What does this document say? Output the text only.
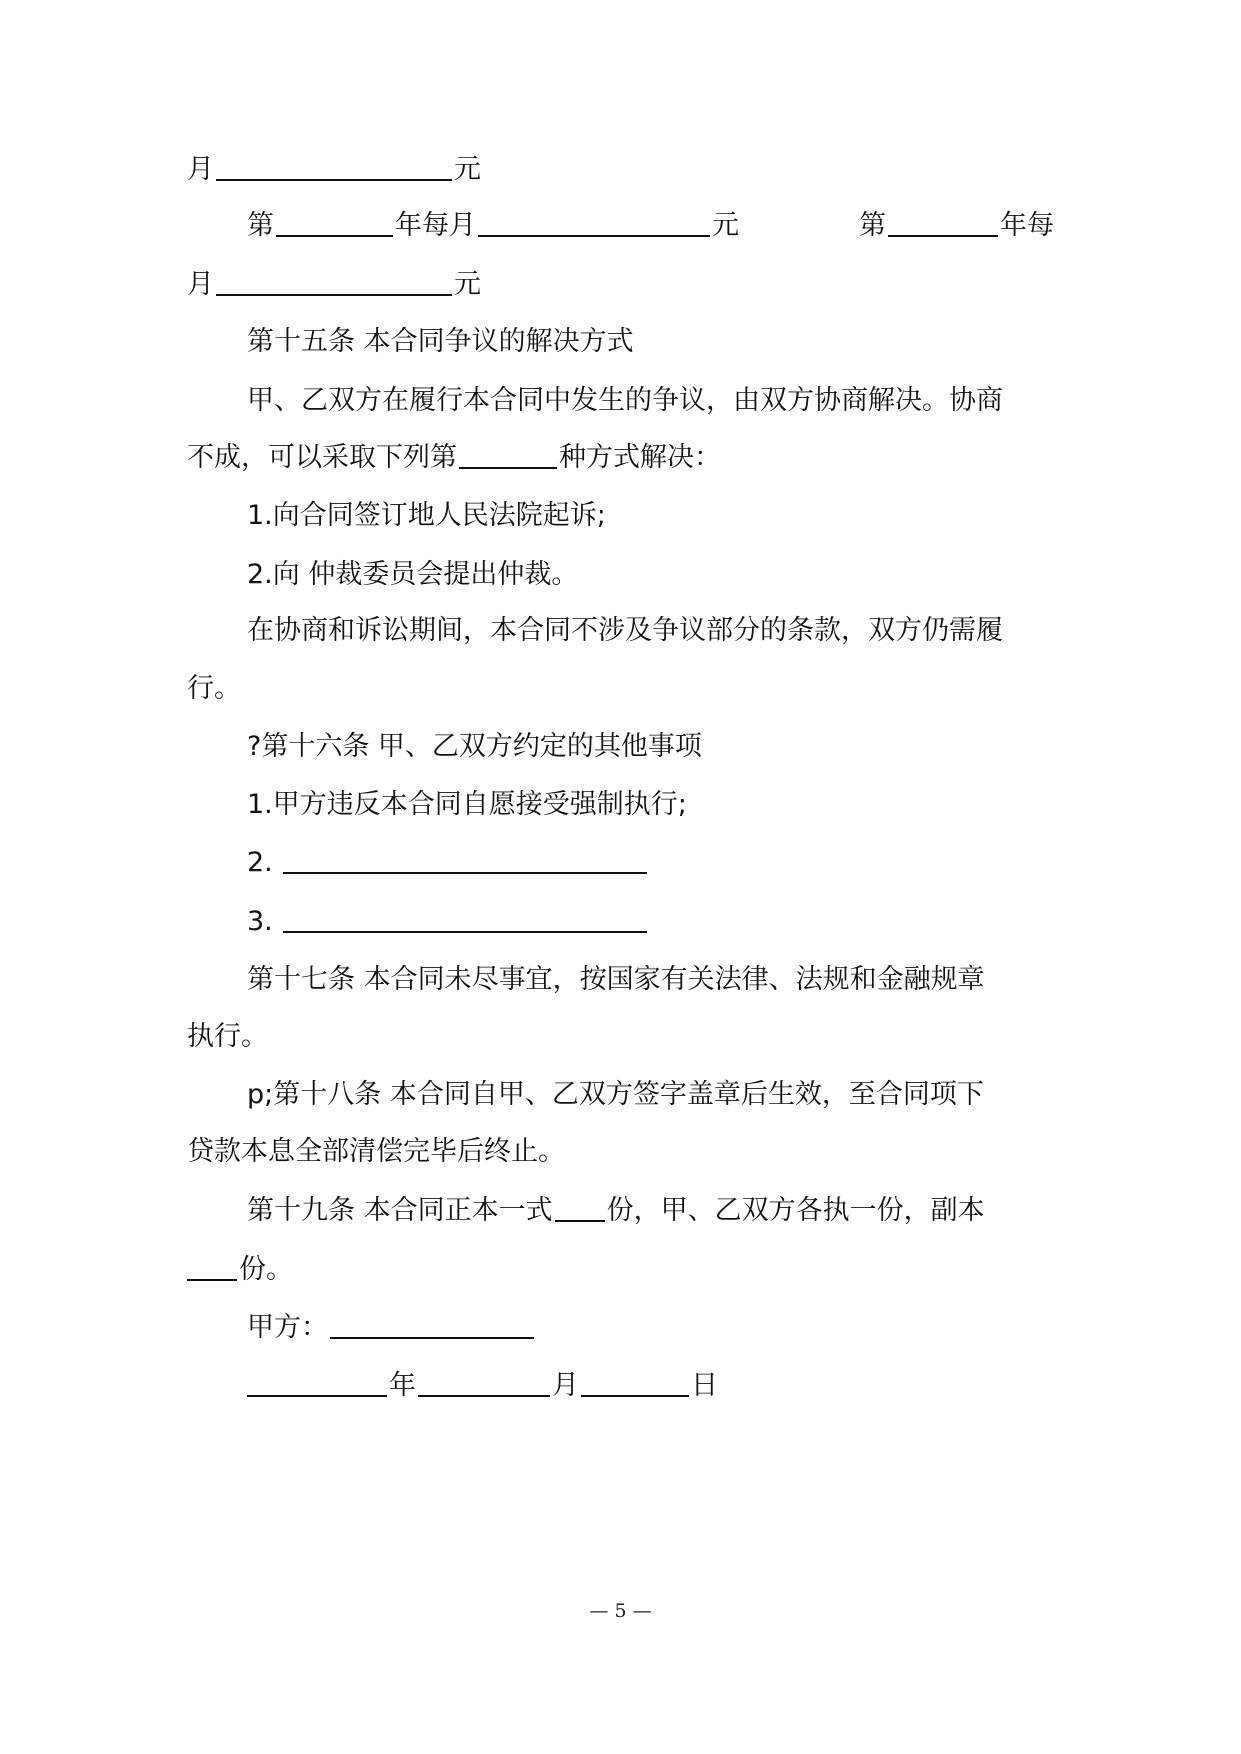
月	元
第	年每月	元	第	年每
月	元
第十五条 本合同争议的解决方式
甲、乙双方在履行本合同中发生的争议，由双方协商解决。协商
不成，可以采取下列第	种方式解决：
1.向合同签订地人民法院起诉;
2.向 仲裁委员会提出仲裁。
在协商和诉讼期间，本合同不涉及争议部分的条款，双方仍需履
行。
?第十六条 甲、乙双方约定的其他事项
1.甲方违反本合同自愿接受强制执行;
2.
3.
第十七条 本合同未尽事宜，按国家有关法律、法规和金融规章
执行。
p;第十八条 本合同自甲、乙双方签字盖章后生效，至合同项下
贷款本息全部清偿完毕后终止。
第十九条 本合同正本一式 份，甲、乙双方各执一份，副本
份。
甲方：
年	月	日
— 5 —
